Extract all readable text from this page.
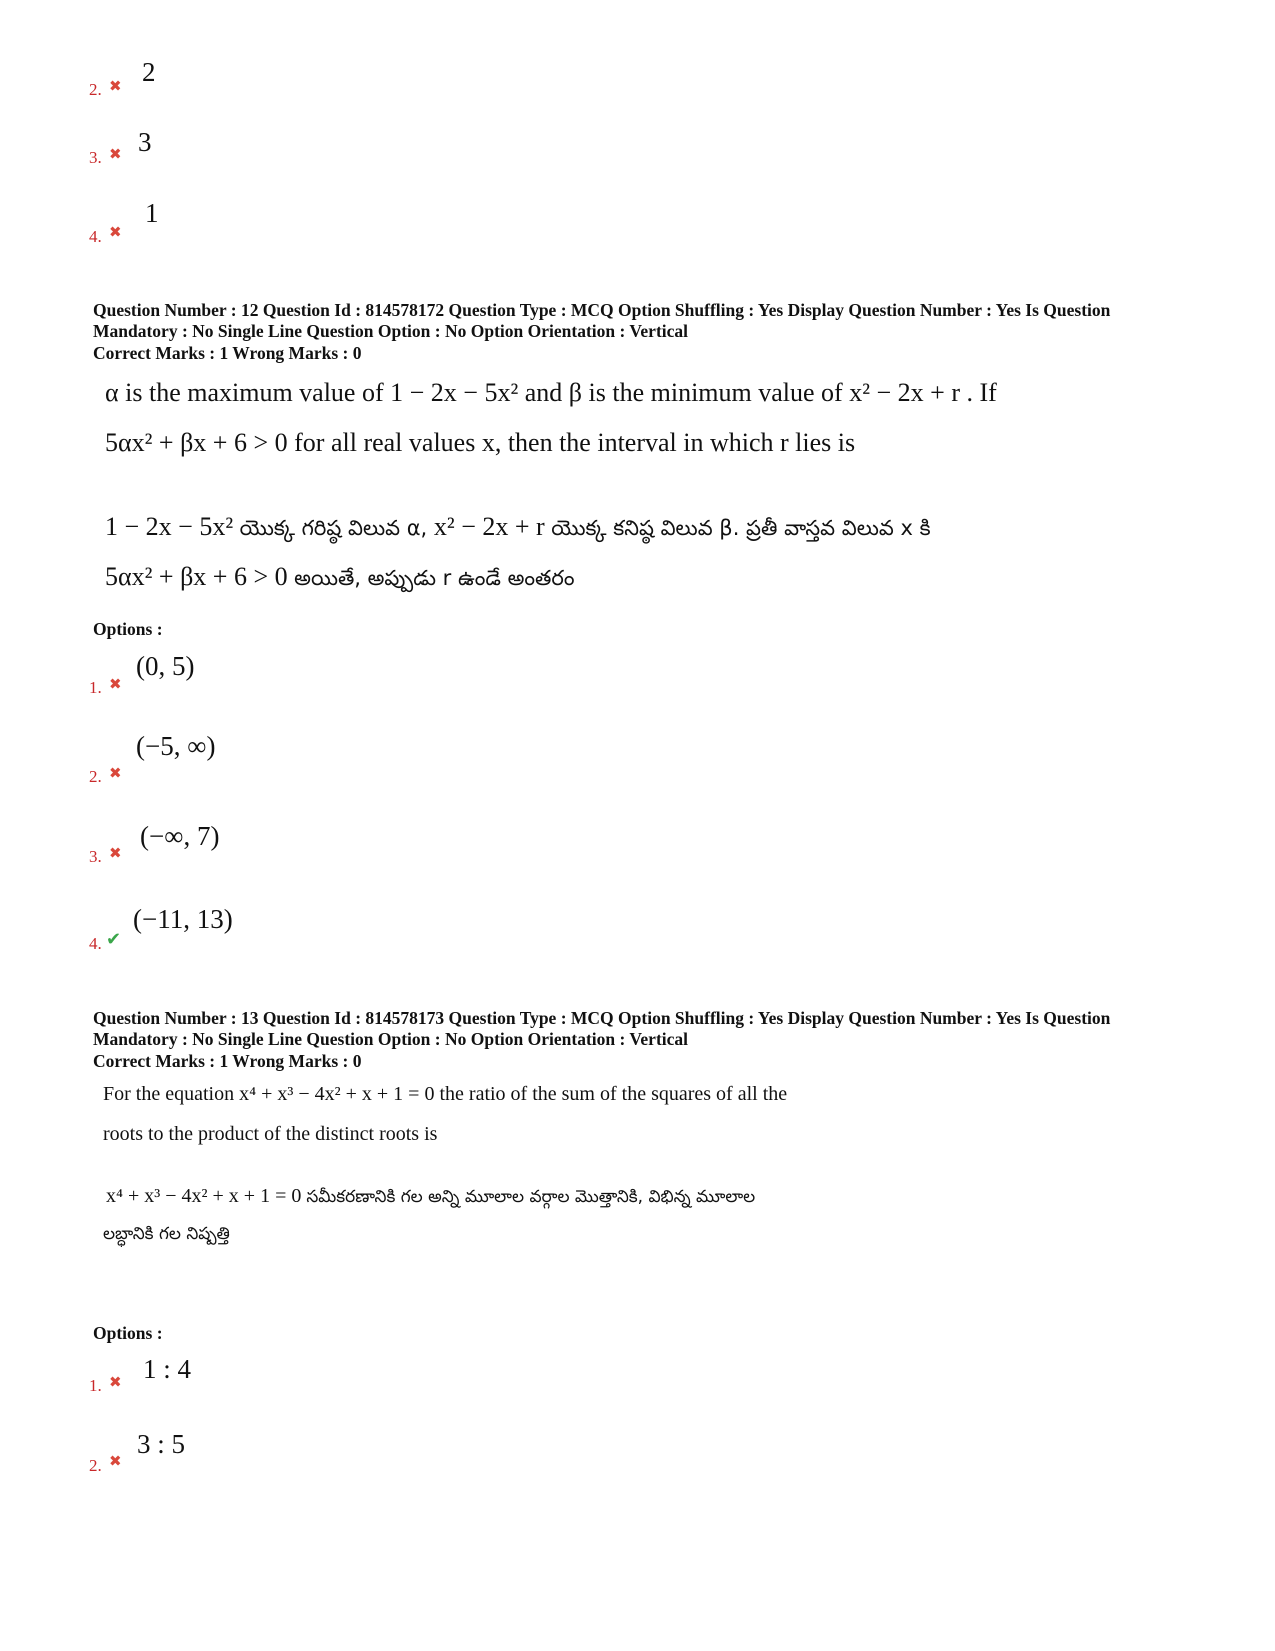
2. ✖ 2
3. ✖ 3
4. ✖
1
Question Number : 12 Question Id : 814578172 Question Type : MCQ Option Shuffling : Yes Display Question Number : Yes Is Question
Mandatory : No Single Line Question Option : No Option Orientation : Vertical
Correct Marks : 1 Wrong Marks : 0
α is the maximum value of 1 − 2x − 5x² and β is the minimum value of x² − 2x + r . If
5αx² + βx + 6 > 0 for all real values x, then the interval in which r lies is
1 − 2x − 5x² యొక్క గరిష్ఠ విలువ α, x² − 2x + r యొక్క కనిష్ఠ విలువ β. ప్రతీ వాస్తవ విలువ x కి
5αx² + βx + 6 > 0 అయితే, అప్పుడు r ఉండే అంతరం
Options :
1. ✖
(0, 5)
2. ✖
(−5, ∞)
3. ✖
(−∞, 7)
4. ✔
(−11, 13)
Question Number : 13 Question Id : 814578173 Question Type : MCQ Option Shuffling : Yes Display Question Number : Yes Is Question
Mandatory : No Single Line Question Option : No Option Orientation : Vertical
Correct Marks : 1 Wrong Marks : 0
For the equation x⁴ + x³ − 4x² + x + 1 = 0 the ratio of the sum of the squares of all the
roots to the product of the distinct roots is
x⁴ + x³ − 4x² + x + 1 = 0 సమీకరణానికి గల అన్ని మూలాల వర్గాల మొత్తానికి, విభిన్న మూలాల
లబ్ధానికి గల నిష్పత్తి
Options :
1. ✖ 1 : 4
2. ✖
3 : 5
